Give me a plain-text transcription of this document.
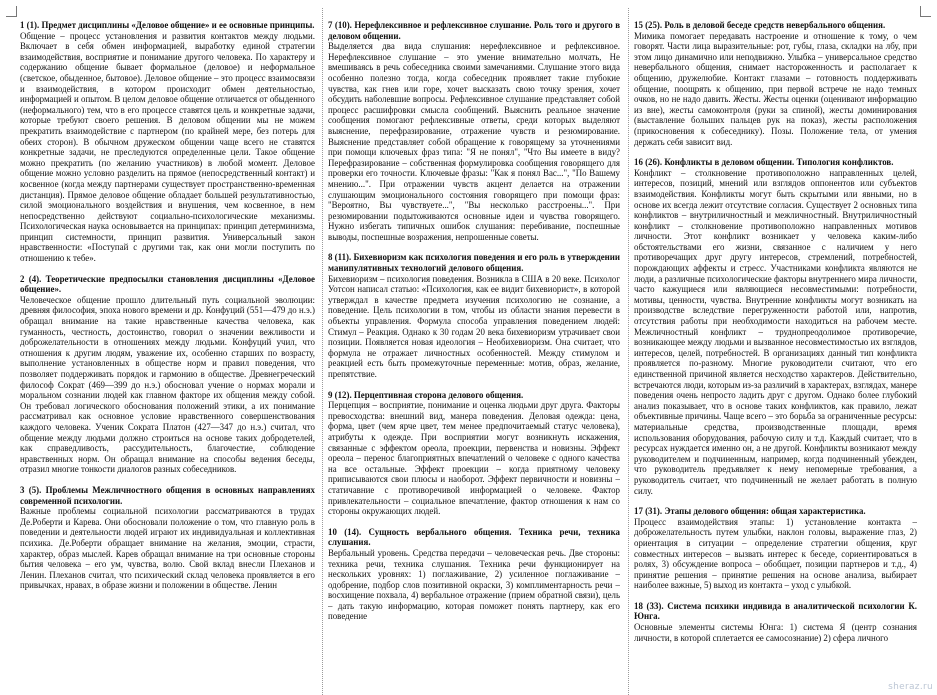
1 (1). Предмет дисциплины «Деловое общение» и ее основные принципы.

Общение – процесс установления и развития контактов между людьми. Включает в себя обмен информацией, выработку единой стратегии взаимодействия, восприятие и понимание другого человека. По характеру и содержанию общение бывает формальное (деловое) и неформальное (светское, обыденное, бытовое). Деловое общение – это процесс взаимосвязи и взаимодействия, в котором происходит обмен деятельностью, информацией и опытом. В целом деловое общение отличается от обыденного (неформального) тем, что в его процессе ставятся цель и конкретные задачи, которые требуют своего решения. В деловом общении мы не можем прекратить взаимодействие с партнером (по крайней мере, без потерь для обеих сторон). В обычном дружеском общении чаще всего не ставятся конкретные задачи, не преследуются определенные цели. Такое общение можно прекратить (по желанию участников) в любой момент. Деловое общение можно условно разделить на прямое (непосредственный контакт) и косвенное (когда между партнерами существует пространственно-временная дистанция). Прямое деловое общение обладает большей результативностью, силой эмоционального воздействия и внушения, чем косвенное, в нем непосредственно действуют социально-психологические механизмы. Психологическая наука основывается на принципах: принцип детерминизма, принцип системности, принцип развития. Универсальный закон нравственности: «Поступай с другими так, как они могли поступить по отношению к тебе».

2 (4). Теоретические предпосылки становления дисциплины «Деловое общение».

Человеческое общение прошло длительный путь социальной эволюции: древняя философия, эпоха нового времени и др. Конфуций (551—479 до н.э.) обращал внимание на такие нравственные качества человека, как гуманность, честность, достоинство, говорил о значении вежливости и доброжелательности в отношениях между людьми. Конфуций учил, что отношения к другим людям, уважение их, особенно старших по возрасту, выполнение установленных в обществе норм и правил поведения, что позволяет поддерживать порядок и гармонию в обществе. Древнегреческий философ Сократ (469—399 до н.э.) обосновал учение о нормах морали и моральном сознании людей как главном факторе их общения между собой. Он требовал логического обоснования положений этики, а их понимание рассматривал как основное условие нравственного совершенствования каждого человека. Ученик Сократа Платон (427—347 до н.э.) считал, что общение между людьми должно строиться на основе таких добродетелей, как справедливость, рассудительность, благочестие, соблюдение нравственных норм. Он обращал внимание на способы ведения беседы, отразил многие тонкости диалогов разных собеседников.

3 (5). Проблемы Межличностного общения в основных направлениях современной психологии.

Важные проблемы социальной психологии рассматриваются в трудах Де.Роберти и Карева. Они обосновали положение о том, что главную роль в поведении и деятельности людей играют их индивидуальная и коллективная психика. Де.Роберти обращает внимание на желания, эмоции, страсти, характер, образ мыслей. Карев обращал внимание на три основные стороны бытия человека – его ум, чувства, волю. Свой вклад внесли Плеханов и Ленин. Плеханов считал, что психический склад человека проявляется в его привычках, нравах, в образе жизни и положении в обществе. Ленин

7 (10). Нерефлексивное и рефлексивное слушание. Роль того и другого в деловом общении.

Выделяется два вида слушания: нерефлексивное и рефлексивное. Нерефлексивное слушание – это умение внимательно молчать, Не вмешиваясь в речь собеседника своими замечаниями. Слушание этого вида особенно полезно тогда, когда собеседник проявляет такие глубокие чувства, как гнев или горе, хочет высказать свою точку зрения, хочет обсудить наболевшие вопросы. Рефлексивное слушание представляет собой процесс расшифровки смысла сообщений. Выяснить реальное значение сообщения помогают рефлексивные ответы, среди которых выделяют выяснение, перефразирование, отражение чувств и резюмирование. Выяснение представляет собой обращение к говорящему за уточнениями при помощи ключевых фраз типа: "Я не понял", "Что Вы имеете в виду? Перефразирование – собственная формулировка сообщения говорящего для проверки его точности. Ключевые фразы: "Как я понял Вас...", "По Вашему мнению...". При отражении чувств акцент делается на отражении слушающим эмоционального состояния говорящего при помощи фраз: "Вероятно, Вы чувствуете...", "Вы несколько расстроены...". При резюмировании подытоживаются основные идеи и чувства говорящего. Нужно избегать типичных ошибок слушания: перебивание, поспешные выводы, поспешные возражения, непрошенные советы.

8 (11). Бихевиоризм как психология поведения и его роль в утверждении манипулятивных технологий делового общения.

Бихевиоризм – психология поведения. Возникла в США в 20 веке. Психолог Уотсон написал статью: «Психология, как ее видит бихевиорист», в которой утверждал в качестве предмета изучения психологию не сознание, а поведение. Цель психологии в том, чтобы из области знания перевести в объекты управления. Формула способа управления поведением людей: Стимул – Реакция. Однако к 30 годам 20 века бихевиоризм утрачивает свои позиции. Появляется новая идеология – Необихевиоризм. Она считает, что формула не отражает личностных особенностей. Между стимулом и реакцией есть быть промежуточные переменные: мотив, образ, желание, препятствие.

9 (12). Перцептивная сторона делового общения.

Перцепция – восприятие, понимание и оценка людьми друг друга. Факторы превосходства: внешний вид, манера поведения. Деловая одежда: цена, форма, цвет (чем ярче цвет, тем менее предпочитаемый статус человека), атрибуты к одежде. При восприятии могут возникнуть искажения, связанные с эффектом ореола, проекции, первенства и новизны. Эффект ореола – перенос благоприятных впечатлений о человеке с одного качества на все остальные. Эффект проекции – когда приятному человеку приписываются свои плюсы и наоборот. Эффект первичности и новизны – статичавние с противоречивой информацией о человеке. Фактор привлекательности – социальное впечатление, фактор отношения к нам со стороны окружающих людей.

10 (14). Сущность вербального общения. Техника речи, техника слушания.

Вербальный уровень. Средства передачи – человеческая речь. Две стороны: техника речи, техника слушания. Техника речи функционирует на нескольких уровнях: 1) поглаживание, 2) усиленное поглаживание – одобрение, подбор слов позитивной окраски, 3) комплиментарность речи – восхищение похвала, 4) вербальное отражение (прием обратной связи), цель – дать такую информацию, которая поможет понять партнеру, как его поведение

15 (25). Роль в деловой беседе средств невербального общения.

Мимика помогает передавать настроение и отношение к тому, о чем говорят. Части лица выразительные: рот, губы, глаза, складки на лбу, при этом лицо динамично или неподвижно. Улыбка – универсальное средство невербального общения, снимает настороженность и располагает к общению, дружелюбие. Контакт глазами – готовность поддерживать общение, поощрять к общению, при первой встрече не надо темных очков, но не надо давить. Жесты. Жесты оценки (оценивают информацию из вне), жесты самоконтроля (руки за спиной), жесты доминирования (выставление больших пальцев рук на показ), жесты расположения (прикосновения к собеседнику). Позы. Положение тела, от умения держать себя зависит вид.

16 (26). Конфликты в деловом общении. Типология конфликтов.

Конфликт – столкновение противоположно направленных целей, интересов, позиций, мнений или взглядов оппонентов или субъектов взаимодействия. Конфликты могут быть скрытыми или явными, но в основе их всегда лежит отсутствие согласия. Существует 2 основных типа конфликтов – внутриличностный и межличностный. Внутриличностный конфликт – столкновение противоположно направленных мотивов личности. Этот конфликт возникает у человека каким-либо обстоятельствами его жизни, связанное с наличием у него противоречащих друг другу интересов, стремлений, потребностей, порождающих аффекты и стресс. Участниками конфликта являются не люди, а различные психологические факторы внутреннего мира личности, часто кажущиеся или являющиеся несовместимыми: потребности, мотивы, ценности, чувства. Внутренние конфликты могут возникать на производстве вследствие перегруженности работой или, напротив, отсутствия работы при необходимости находиться на рабочем месте. Межличностный конфликт – труднопреодолимое противоречие, возникающее между людьми и вызванное несовместимостью их взглядов, интересов, целей, потребностей. В организациях данный тип конфликта проявляется по-разному. Многие руководители считают, что его единственной причиной является несходство характеров. Действительно, встречаются люди, которым из-за различий в характерах, взглядах, манере поведения очень непросто ладить друг с другом. Однако более глубокий анализ показывает, что в основе таких конфликтов, как правило, лежат объективные причины. Чаще всего – это борьба за ограниченные ресурсы: материальные средства, производственные площади, время использования оборудования, рабочую силу и т.д. Каждый считает, что в ресурсах нуждается именно он, а не другой. Конфликты возникают между руководителем и подчиненным, например, когда подчиненный убежден, что руководитель предъявляет к нему непомерные требования, а руководитель считает, что подчиненный не желает работать в полную силу.

17 (31). Этапы делового общения: общая характеристика.

Процесс взаимодействия этапы: 1) установление контакта – доброжелательность путем улыбки, наклон головы, выражение глаз, 2) ориентация в ситуации – определение стратегии общения, круг совместных интересов – вызвать интерес к беседе, сориентироваться в ролях, 3) обсуждение вопроса – обобщает, позиции партнеров и т.д., 4) принятие решения – принятие решения на основе анализа, выбирает наиболее важные, 5) выход из контакта – уход с улыбкой.

18 (33). Система психики индивида в аналитической психологии К. Юнга.

Основные элементы системы Юнга: 1) система Я (центр сознания личности, в которой сплетается ее самосознание) 2) сфера личного

sheraz.ru
